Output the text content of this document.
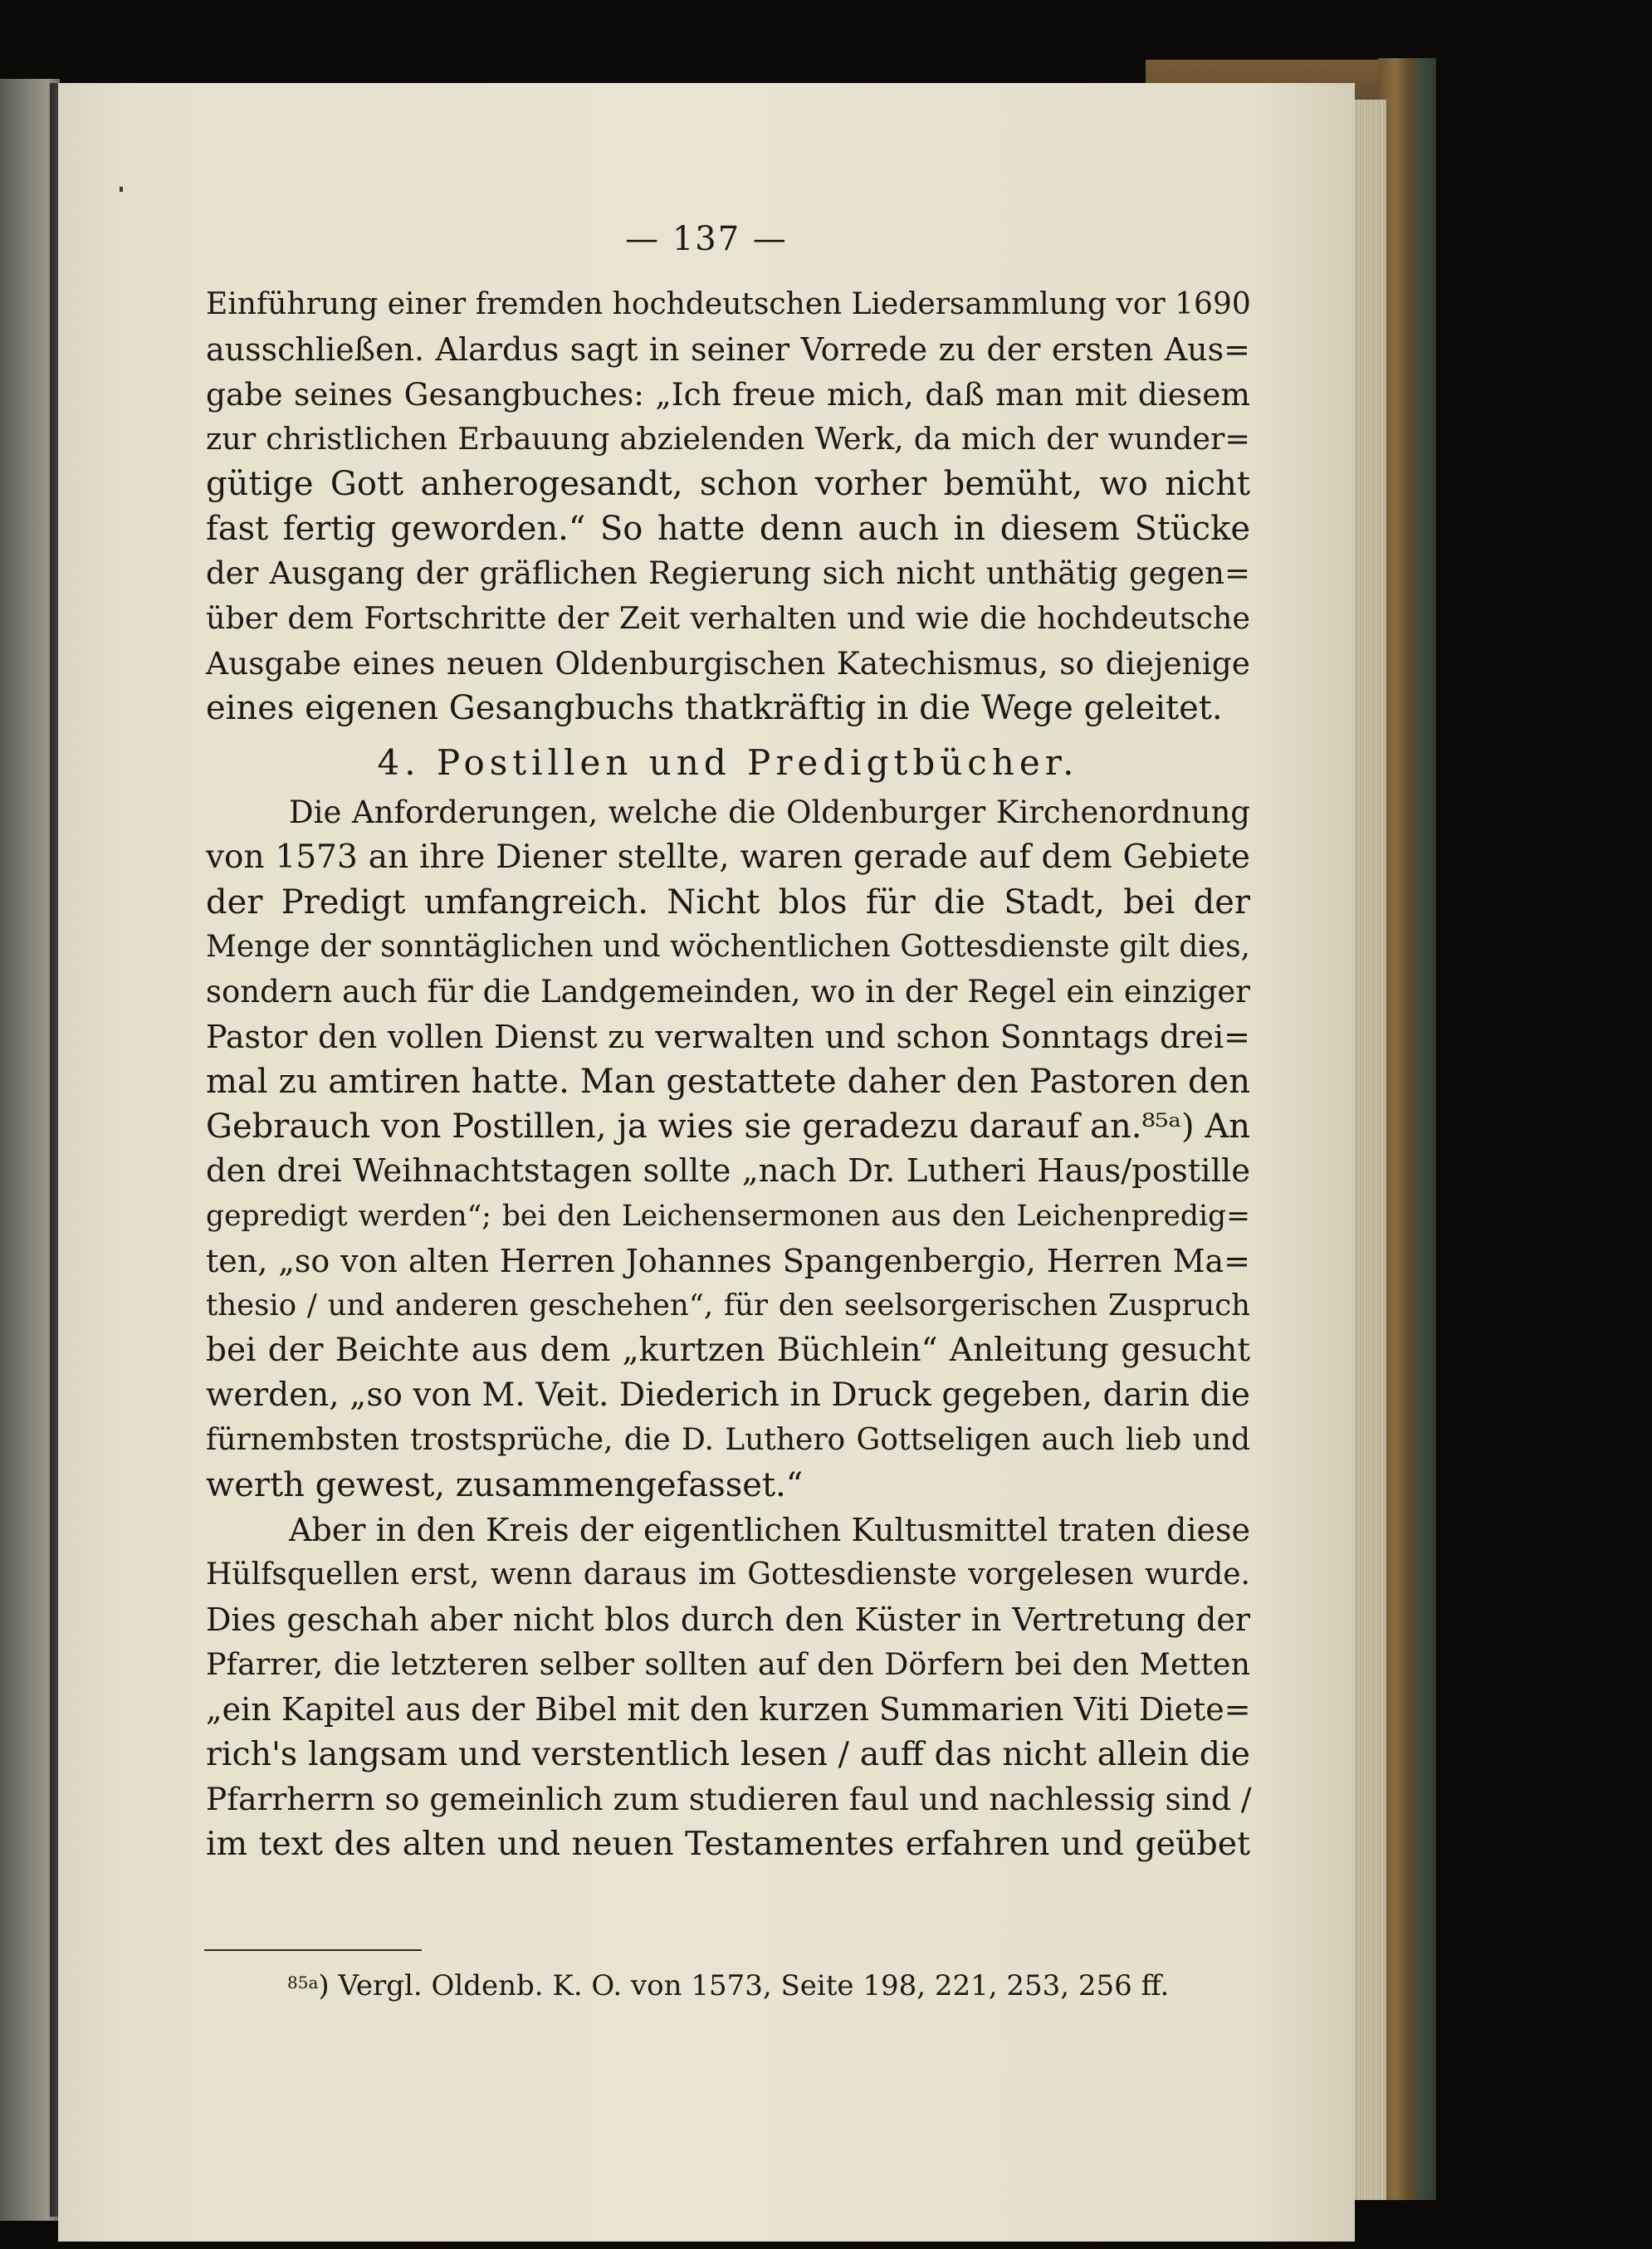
— 137 —
Einführung einer fremden hochdeutschen Liedersammlung vor 1690
ausschließen. Alardus sagt in seiner Vorrede zu der ersten Aus=
gabe seines Gesangbuches: „Ich freue mich, daß man mit diesem
zur christlichen Erbauung abzielenden Werk, da mich der wunder=
gütige Gott anherogesandt, schon vorher bemüht, wo nicht
fast fertig geworden.“ So hatte denn auch in diesem Stücke
der Ausgang der gräflichen Regierung sich nicht unthätig gegen=
über dem Fortschritte der Zeit verhalten und wie die hochdeutsche
Ausgabe eines neuen Oldenburgischen Katechismus, so diejenige
eines eigenen Gesangbuchs thatkräftig in die Wege geleitet.
4. Postillen und Predigtbücher.
Die Anforderungen, welche die Oldenburger Kirchenordnung
von 1573 an ihre Diener stellte, waren gerade auf dem Gebiete
der Predigt umfangreich. Nicht blos für die Stadt, bei der
Menge der sonntäglichen und wöchentlichen Gottesdienste gilt dies,
sondern auch für die Landgemeinden, wo in der Regel ein einziger
Pastor den vollen Dienst zu verwalten und schon Sonntags drei=
mal zu amtiren hatte. Man gestattete daher den Pastoren den
Gebrauch von Postillen, ja wies sie geradezu darauf an.⁸⁵ᵃ) An
den drei Weihnachtstagen sollte „nach Dr. Lutheri Haus/postille
gepredigt werden“; bei den Leichensermonen aus den Leichenpredig=
ten, „so von alten Herren Johannes Spangenbergio, Herren Ma=
thesio / und anderen geschehen“, für den seelsorgerischen Zuspruch
bei der Beichte aus dem „kurtzen Büchlein“ Anleitung gesucht
werden, „so von M. Veit. Diederich in Druck gegeben, darin die
fürnembsten trostsprüche, die D. Luthero Gottseligen auch lieb und
werth gewest, zusammengefasset.“
Aber in den Kreis der eigentlichen Kultusmittel traten diese
Hülfsquellen erst, wenn daraus im Gottesdienste vorgelesen wurde.
Dies geschah aber nicht blos durch den Küster in Vertretung der
Pfarrer, die letzteren selber sollten auf den Dörfern bei den Metten
„ein Kapitel aus der Bibel mit den kurzen Summarien Viti Diete=
rich's langsam und verstentlich lesen / auff das nicht allein die
Pfarrherrn so gemeinlich zum studieren faul und nachlessig sind /
im text des alten und neuen Testamentes erfahren und geübet
$^{85a}$) Vergl. Oldenb. K. O. von 1573, Seite 198, 221, 253, 256 ff.
